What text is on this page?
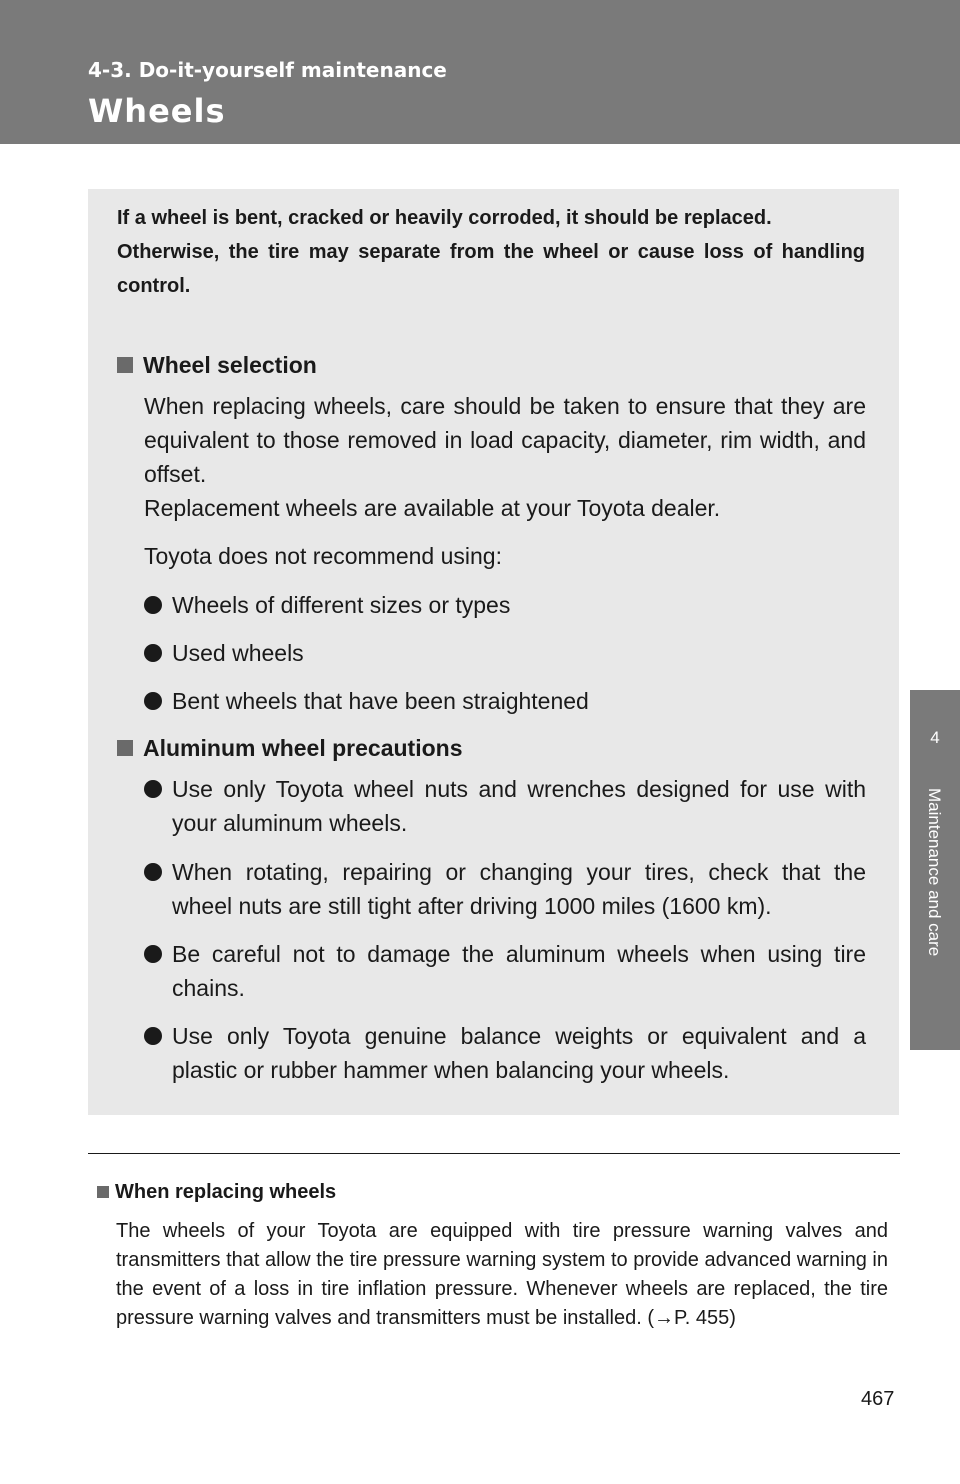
4-3. Do-it-yourself maintenance
Wheels
4
Maintenance and care

If a wheel is bent, cracked or heavily corroded, it should be replaced.

Otherwise, the tire may separate from the wheel or cause loss of handling control.

Wheel selection
When replacing wheels, care should be taken to ensure that they are equivalent to those removed in load capacity, diameter, rim width, and offset.
Replacement wheels are available at your Toyota dealer.
Toyota does not recommend using:
Wheels of different sizes or types
Used wheels
Bent wheels that have been straightened
Aluminum wheel precautions
Use only Toyota wheel nuts and wrenches designed for use with your aluminum wheels.
When rotating, repairing or changing your tires, check that the wheel nuts are still tight after driving 1000 miles (1600 km).
Be careful not to damage the aluminum wheels when using tire chains.
Use only Toyota genuine balance weights or equivalent and a plastic or rubber hammer when balancing your wheels.
When replacing wheels
The wheels of your Toyota are equipped with tire pressure warning valves and transmitters that allow the tire pressure warning system to provide advanced warning in the event of a loss in tire inflation pressure. Whenever wheels are replaced, the tire pressure warning valves and transmitters must be installed. (→P. 455)
467
